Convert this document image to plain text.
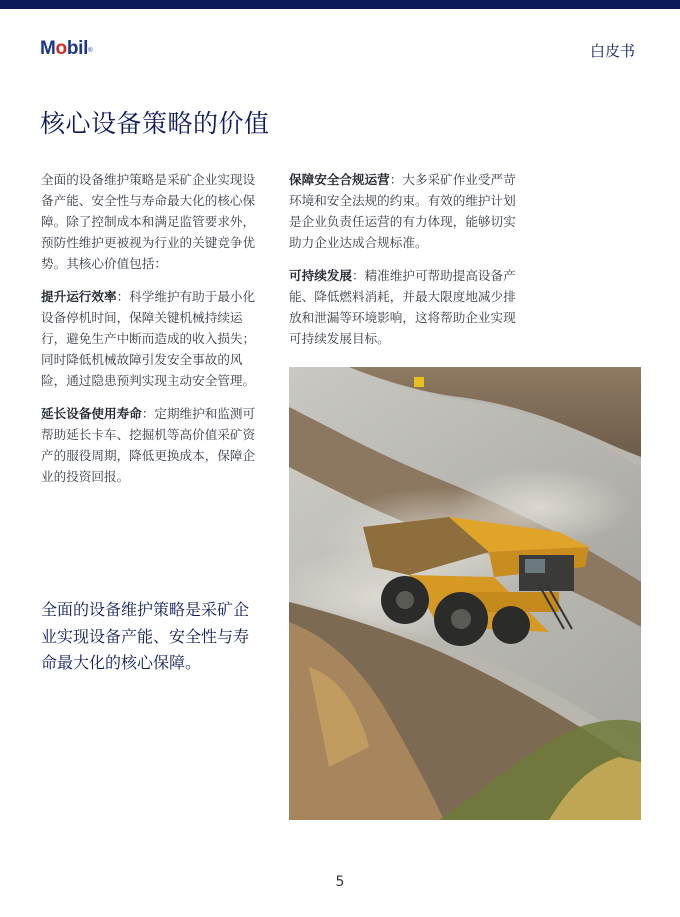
Mobil®	白皮书
核心设备策略的价值

全面的设备维护策略是采矿企业实现设备产能、安全性与寿命最大化的核心保障。除了控制成本和满足监管要求外，预防性维护更被视为行业的关键竞争优势。其核心价值包括：

提升运行效率：科学维护有助于最小化设备停机时间，保障关键机械持续运行，避免生产中断而造成的收入损失；同时降低机械故障引发安全事故的风险，通过隐患预判实现主动安全管理。

延长设备使用寿命：定期维护和监测可帮助延长卡车、挖掘机等高价值采矿资产的服役周期，降低更换成本，保障企业的投资回报。

保障安全合规运营：大多采矿作业受严苛环境和安全法规的约束。有效的维护计划是企业负责任运营的有力体现，能够切实助力企业达成合规标准。

可持续发展：精准维护可帮助提高设备产能、降低燃料消耗，并最大限度地减少排放和泄漏等环境影响，这将帮助企业实现可持续发展目标。

全面的设备维护策略是采矿企业实现设备产能、安全性与寿命最大化的核心保障。
5
